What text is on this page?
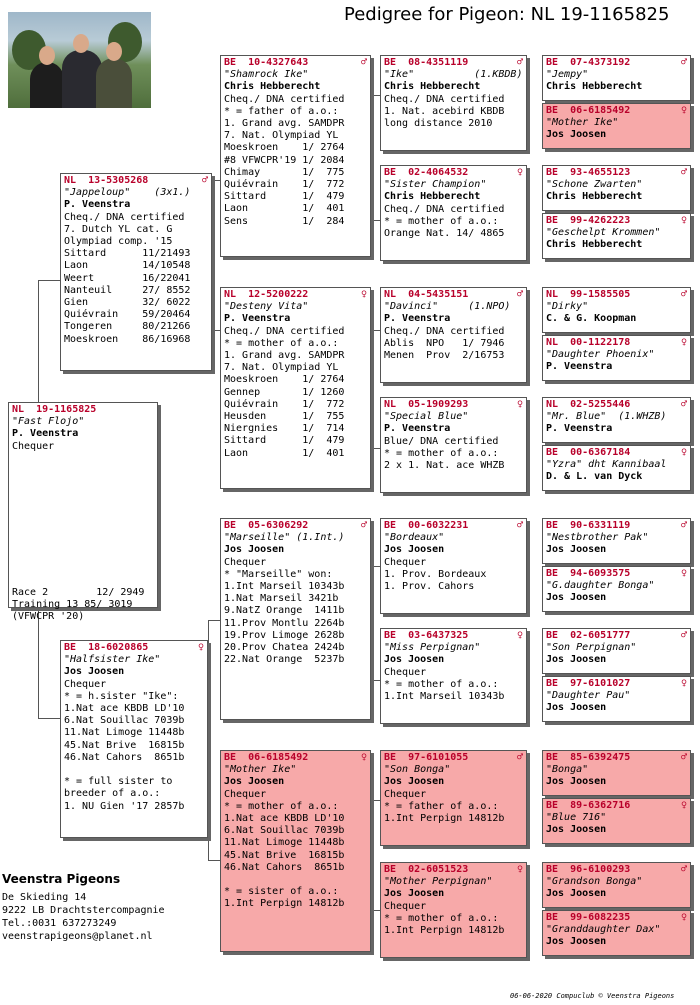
Pedigree for Pigeon: NL 19-1165825
NL  19-1165825
"Fast Flojo"
P. Veenstra
Chequer
Race 2        12/ 2949
Training 13 85/ 3019
(VFWCPR '20)
NL  13-5305268	♂
"Jappeloup"    (3x1.)
P. Veenstra
Cheq./ DNA certified
7. Dutch YL cat. G
Olympiad comp. '15
Sittard      11/21493
Laon         14/10548
Weert        16/22041
Nanteuil     27/ 8552
Gien         32/ 6022
Quiévrain    59/20464
Tongeren     80/21266
Moeskroen    86/16968
BE  18-6020865	♀
"Halfsister Ike"
Jos Joosen
Chequer
* = h.sister "Ike":
1.Nat ace KBDB LD'10
6.Nat Souillac 7039b
11.Nat Limoge 11448b
45.Nat Brive  16815b
46.Nat Cahors  8651b
* = full sister to
breeder of a.o.:
1. NU Gien '17 2857b
BE  10-4327643	♂
"Shamrock Ike"
Chris Hebberecht
Cheq./ DNA certified
* = father of a.o.:
1. Grand avg. SAMDPR
7. Nat. Olympiad YL
Moeskroen    1/ 2764
#8 VFWCPR'19 1/ 2084
Chimay       1/  775
Quiévrain    1/  772
Sittard      1/  479
Laon         1/  401
Sens         1/  284
NL  12-5200222	♀
"Desteny Vita"
P. Veenstra
Cheq./ DNA certified
* = mother of a.o.:
1. Grand avg. SAMDPR
7. Nat. Olympiad YL
Moeskroen    1/ 2764
Gennep       1/ 1260
Quiévrain    1/  772
Heusden      1/  755
Niergnies    1/  714
Sittard      1/  479
Laon         1/  401
BE  05-6306292	♂
"Marseille" (1.Int.)
Jos Joosen
Chequer
* "Marseille" won:
1.Int Marseil 10343b
1.Nat Marseil 3421b
9.NatZ Orange  1411b
11.Prov Montlu 2264b
19.Prov Limoge 2628b
20.Prov Chatea 2424b
22.Nat Orange  5237b
BE  06-6185492	♀
"Mother Ike"
Jos Joosen
Chequer
* = mother of a.o.:
1.Nat ace KBDB LD'10
6.Nat Souillac 7039b
11.Nat Limoge 11448b
45.Nat Brive  16815b
46.Nat Cahors  8651b
* = sister of a.o.:
1.Int Perpign 14812b
BE  08-4351119	♂
"Ike"          (1.KBDB)
Chris Hebberecht
Cheq./ DNA certified
1. Nat. acebird KBDB
long distance 2010
BE  02-4064532	♀
"Sister Champion"
Chris Hebberecht
Cheq./ DNA certified
* = mother of a.o.:
Orange Nat. 14/ 4865
NL  04-5435151	♂
"Davinci"     (1.NPO)
P. Veenstra
Cheq./ DNA certified
Ablis  NPO   1/ 7946
Menen  Prov  2/16753
NL  05-1909293	♀
"Special Blue"
P. Veenstra
Blue/ DNA certified
* = mother of a.o.:
2 x 1. Nat. ace WHZB
BE  00-6032231	♂
"Bordeaux"
Jos Joosen
Chequer
1. Prov. Bordeaux
1. Prov. Cahors
BE  03-6437325	♀
"Miss Perpignan"
Jos Joosen
Chequer
* = mother of a.o.:
1.Int Marseil 10343b
BE  97-6101055	♂
"Son Bonga"
Jos Joosen
Chequer
* = father of a.o.:
1.Int Perpign 14812b
BE  02-6051523	♀
"Mother Perpignan"
Jos Joosen
Chequer
* = mother of a.o.:
1.Int Perpign 14812b
BE  07-4373192	♂
"Jempy"
Chris Hebberecht
BE  06-6185492	♀
"Mother Ike"
Jos Joosen
BE  93-4655123	♂
"Schone Zwarten"
Chris Hebberecht
BE  99-4262223	♀
"Geschelpt Krommen"
Chris Hebberecht
NL  99-1585505	♂
"Dirky"
C. & G. Koopman
NL  00-1122178	♀
"Daughter Phoenix"
P. Veenstra
NL  02-5255446	♂
"Mr. Blue"  (1.WHZB)
P. Veenstra
BE  00-6367184	♀
"Yzra" dht Kannibaal
D. & L. van Dyck
BE  90-6331119	♂
"Nestbrother Pak"
Jos Joosen
BE  94-6093575	♀
"G.daughter Bonga"
Jos Joosen
BE  02-6051777	♂
"Son Perpignan"
Jos Joosen
BE  97-6101027	♀
"Daughter Pau"
Jos Joosen
BE  85-6392475	♂
"Bonga"
Jos Joosen
BE  89-6362716	♀
"Blue 716"
Jos Joosen
BE  96-6100293	♂
"Grandson Bonga"
Jos Joosen
BE  99-6082235	♀
"Granddaughter Dax"
Jos Joosen
Veenstra Pigeons
De Skieding 14
9222 LB Drachtstercompagnie
Tel.:0031 637273249
veenstrapigeons@planet.nl
06-06-2020 Compuclub © Veenstra Pigeons
